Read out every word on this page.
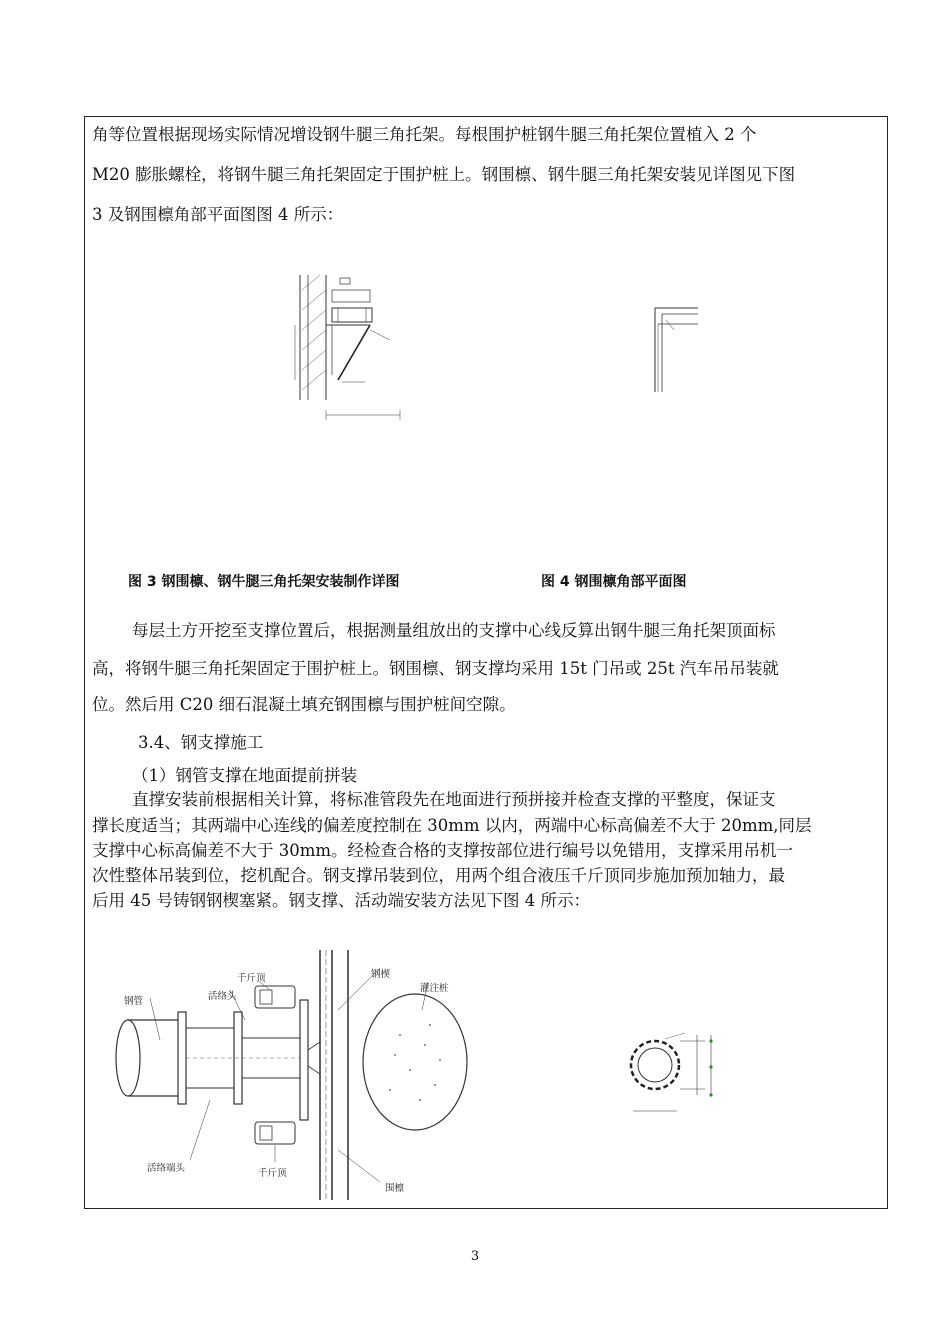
角等位置根据现场实际情况增设钢牛腿三角托架。每根围护桩钢牛腿三角托架位置植入 2 个
M20 膨胀螺栓，将钢牛腿三角托架固定于围护桩上。钢围檩、钢牛腿三角托架安装见详图见下图
3 及钢围檩角部平面图图 4 所示：
图 3 钢围檩、钢牛腿三角托架安装制作详图	图 4 钢围檩角部平面图
每层土方开挖至支撑位置后，根据测量组放出的支撑中心线反算出钢牛腿三角托架顶面标
高，将钢牛腿三角托架固定于围护桩上。钢围檩、钢支撑均采用 15t 门吊或 25t 汽车吊吊装就
位。然后用 C20 细石混凝土填充钢围檩与围护桩间空隙。
3.4、钢支撑施工
（1）钢管支撑在地面提前拼装
直撑安装前根据相关计算，将标准管段先在地面进行预拼接并检查支撑的平整度，保证支
撑长度适当；其两端中心连线的偏差度控制在 30mm 以内，两端中心标高偏差不大于 20mm,同层
支撑中心标高偏差不大于 30mm。经检查合格的支撑按部位进行编号以免错用，支撑采用吊机一
次性整体吊装到位，挖机配合。钢支撑吊装到位，用两个组合液压千斤顶同步施加预加轴力，最
后用 45 号铸钢钢楔塞紧。钢支撑、活动端安装方法见下图 4 所示：
钢管
千斤顶
活络头
钢楔
灌注桩
活络端头	千斤顶
围檩
3
